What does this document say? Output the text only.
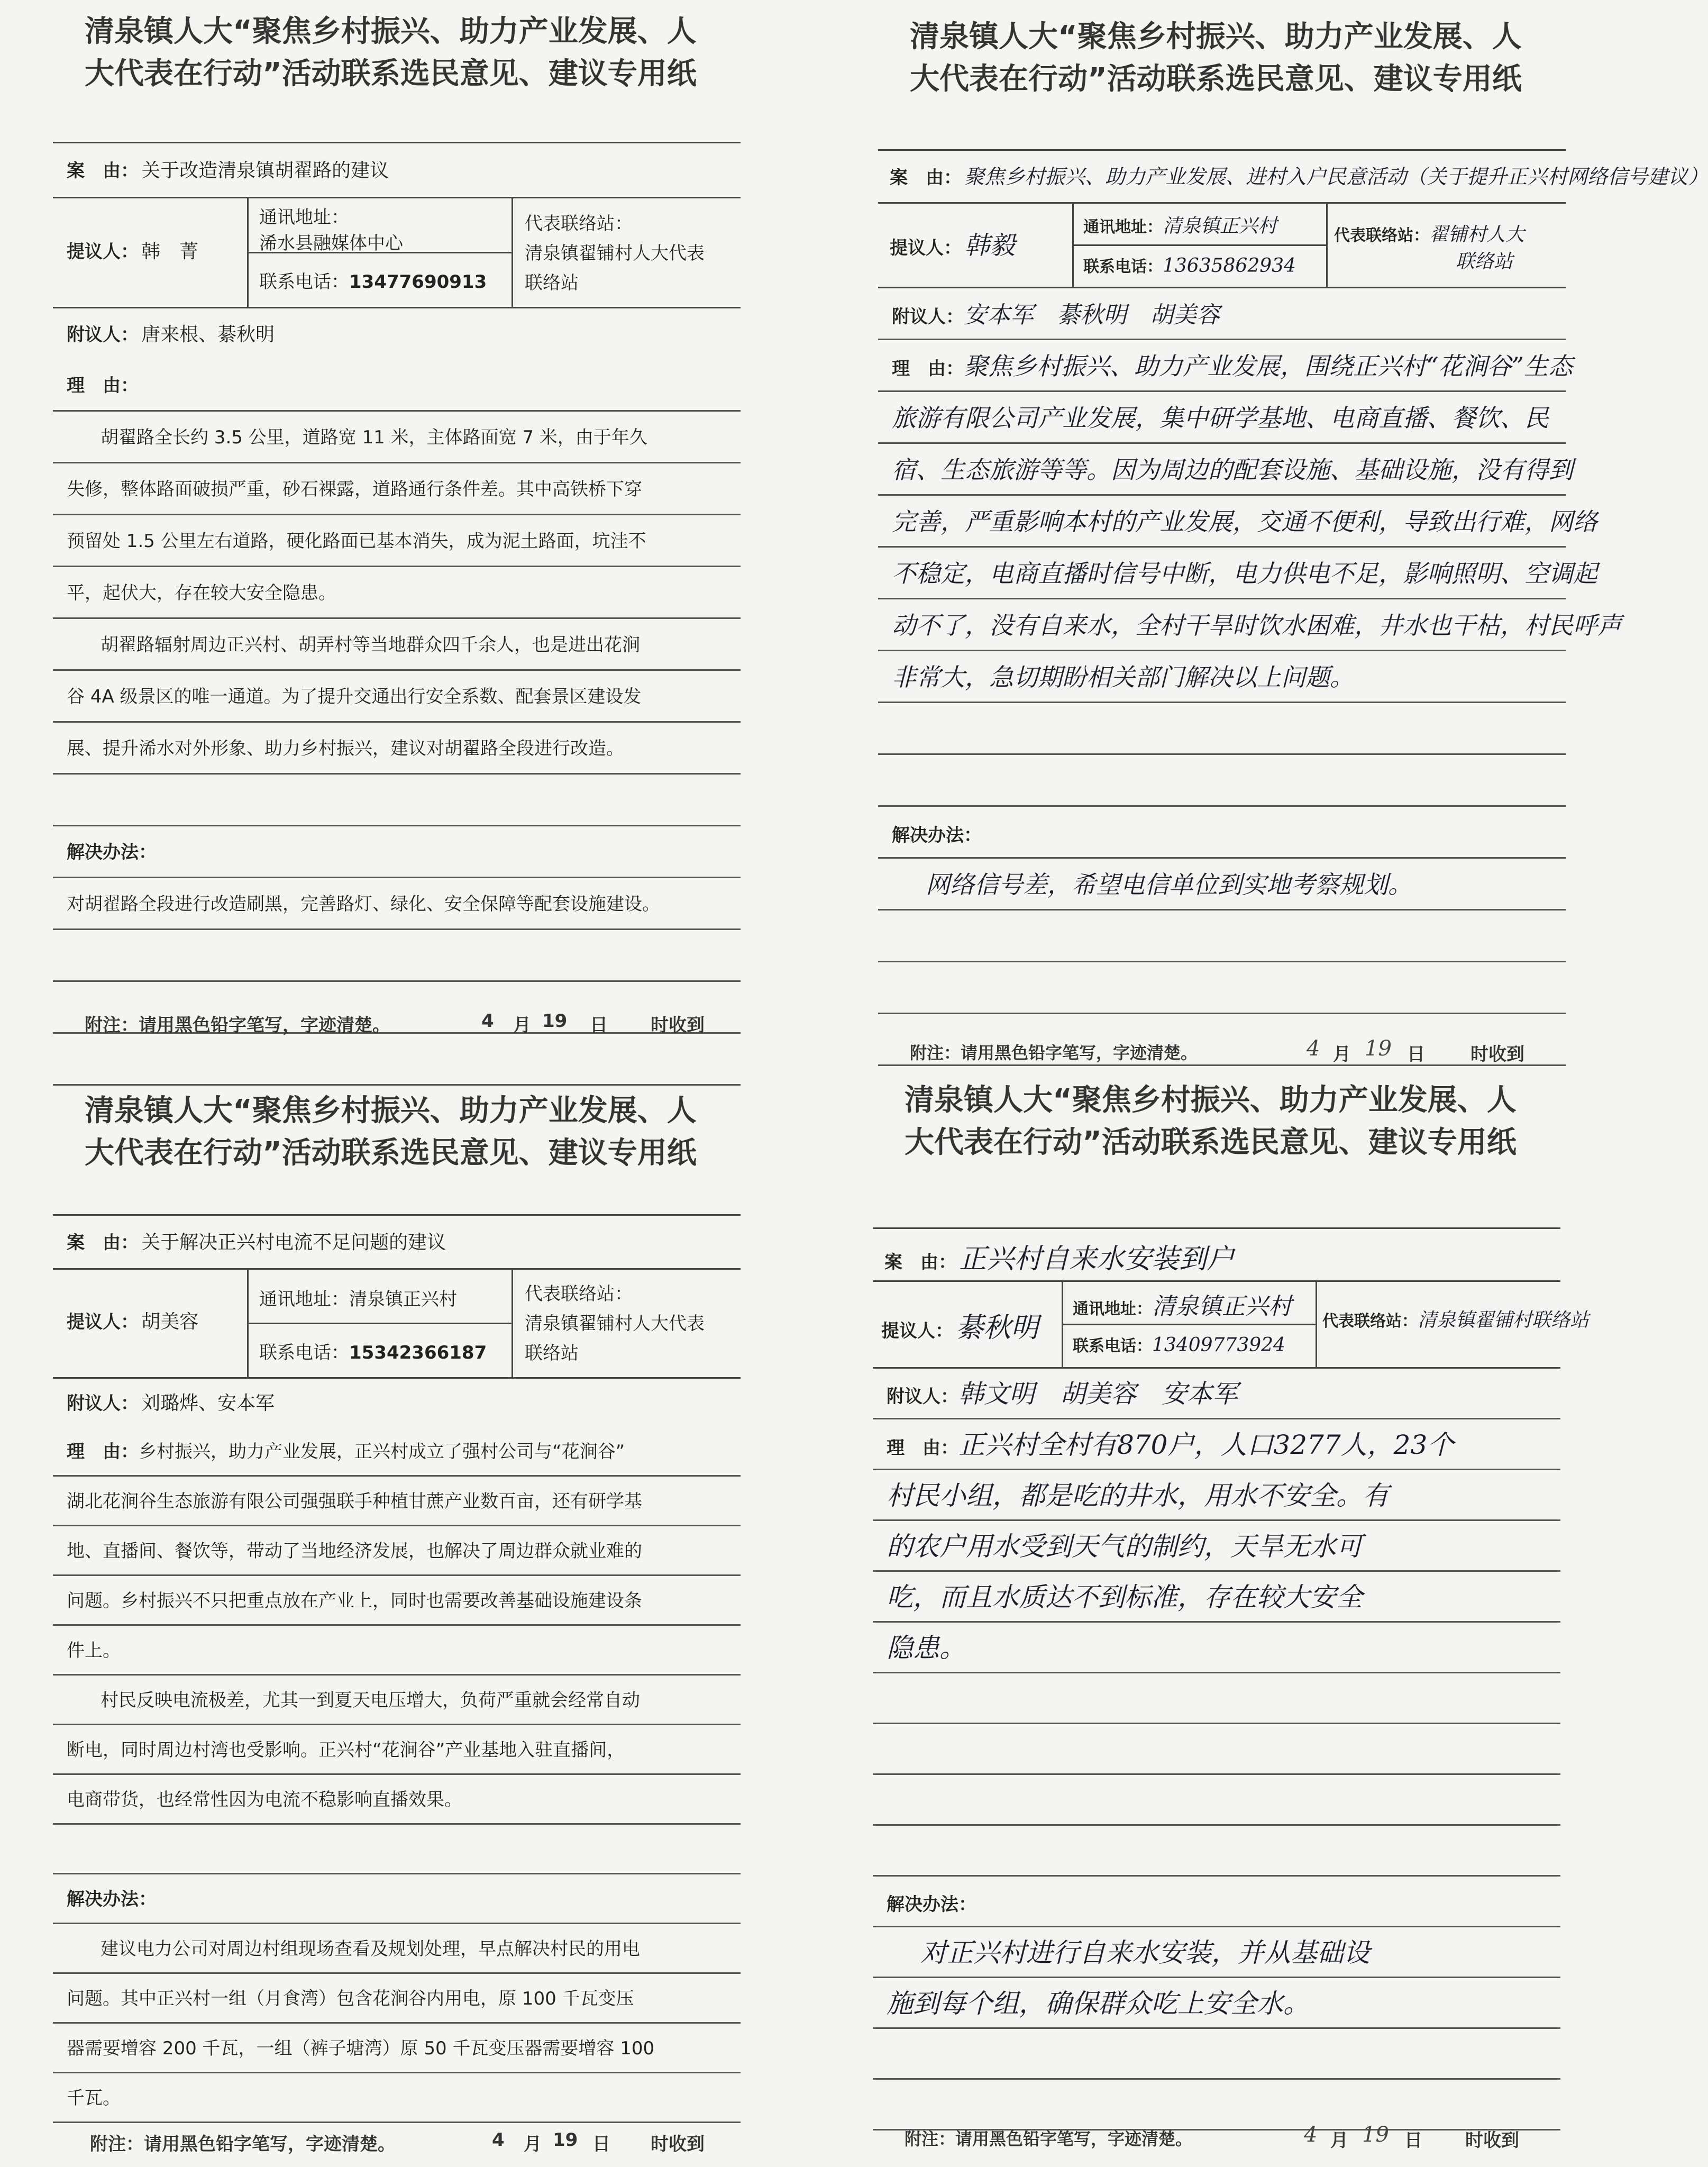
清泉镇人大“聚焦乡村振兴、助力产业发展、人
大代表在行动”活动联系选民意见、建议专用纸
案　由： 关于改造清泉镇胡翟路的建议
提议人： 韩　菁
通讯地址：
浠水县融媒体中心
联系电话：13477690913
代表联络站：
清泉镇翟铺村人大代表
联络站
附议人： 唐来根、綦秋明
理　由：
胡翟路全长约 3.5 公里，道路宽 11 米，主体路面宽 7 米，由于年久
失修，整体路面破损严重，砂石裸露，道路通行条件差。其中高铁桥下穿
预留处 1.5 公里左右道路，硬化路面已基本消失，成为泥土路面，坑洼不
平，起伏大，存在较大安全隐患。
胡翟路辐射周边正兴村、胡弄村等当地群众四千余人，也是进出花涧
谷 4A 级景区的唯一通道。为了提升交通出行安全系数、配套景区建设发
展、提升浠水对外形象、助力乡村振兴，建议对胡翟路全段进行改造。
解决办法：
对胡翟路全段进行改造刷黑，完善路灯、绿化、安全保障等配套设施建设。
附注：请用黑色铅字笔写，字迹清楚。	4 月 19 日 时收到
清泉镇人大“聚焦乡村振兴、助力产业发展、人
大代表在行动”活动联系选民意见、建议专用纸
案　由： 聚焦乡村振兴、助力产业发展、进村入户民意活动（关于提升正兴村网络信号建议）
提议人： 韩毅
通讯地址：清泉镇正兴村
联系电话：13635862934
代表联络站：翟铺村人大
联络站
附议人：安本军　綦秋明　胡美容
理　由：聚焦乡村振兴、助力产业发展，围绕正兴村“花涧谷”生态
旅游有限公司产业发展，集中研学基地、电商直播、餐饮、民
宿、生态旅游等等。因为周边的配套设施、基础设施，没有得到
完善，严重影响本村的产业发展，交通不便利，导致出行难，网络
不稳定，电商直播时信号中断，电力供电不足，影响照明、空调起
动不了，没有自来水，全村干旱时饮水困难，井水也干枯，村民呼声
非常大，急切期盼相关部门解决以上问题。
解决办法：
网络信号差，希望电信单位到实地考察规划。
附注：请用黑色铅字笔写，字迹清楚。	4 月 19 日	时收到
清泉镇人大“聚焦乡村振兴、助力产业发展、人
大代表在行动”活动联系选民意见、建议专用纸
案　由： 关于解决正兴村电流不足问题的建议
提议人： 胡美容
通讯地址：清泉镇正兴村
联系电话：15342366187
代表联络站：
清泉镇翟铺村人大代表
联络站
附议人： 刘璐烨、安本军
理　由：乡村振兴，助力产业发展，正兴村成立了强村公司与“花涧谷”
湖北花涧谷生态旅游有限公司强强联手种植甘蔗产业数百亩，还有研学基
地、直播间、餐饮等，带动了当地经济发展，也解决了周边群众就业难的
问题。乡村振兴不只把重点放在产业上，同时也需要改善基础设施建设条
件上。
村民反映电流极差，尤其一到夏天电压增大，负荷严重就会经常自动
断电，同时周边村湾也受影响。正兴村“花涧谷”产业基地入驻直播间，
电商带货，也经常性因为电流不稳影响直播效果。
解决办法：
建议电力公司对周边村组现场查看及规划处理，早点解决村民的用电
问题。其中正兴村一组（月食湾）包含花涧谷内用电，原 100 千瓦变压
器需要增容 200 千瓦，一组（裤子塘湾）原 50 千瓦变压器需要增容 100
千瓦。
附注：请用黑色铅字笔写，字迹清楚。	4 月 19 日 时收到
清泉镇人大“聚焦乡村振兴、助力产业发展、人
大代表在行动”活动联系选民意见、建议专用纸
案　由： 正兴村自来水安装到户
提议人： 綦秋明
通讯地址：清泉镇正兴村
联系电话：13409773924
代表联络站：清泉镇翟铺村联络站
附议人：韩文明　胡美容　安本军
理　由：正兴村全村有870户，人口3277人，23个
村民小组，都是吃的井水，用水不安全。有
的农户用水受到天气的制约，天旱无水可
吃，而且水质达不到标准，存在较大安全
隐患。
解决办法：
对正兴村进行自来水安装，并从基础设
施到每个组，确保群众吃上安全水。
附注：请用黑色铅字笔写，字迹清楚。	4 月 19 日 时收到
